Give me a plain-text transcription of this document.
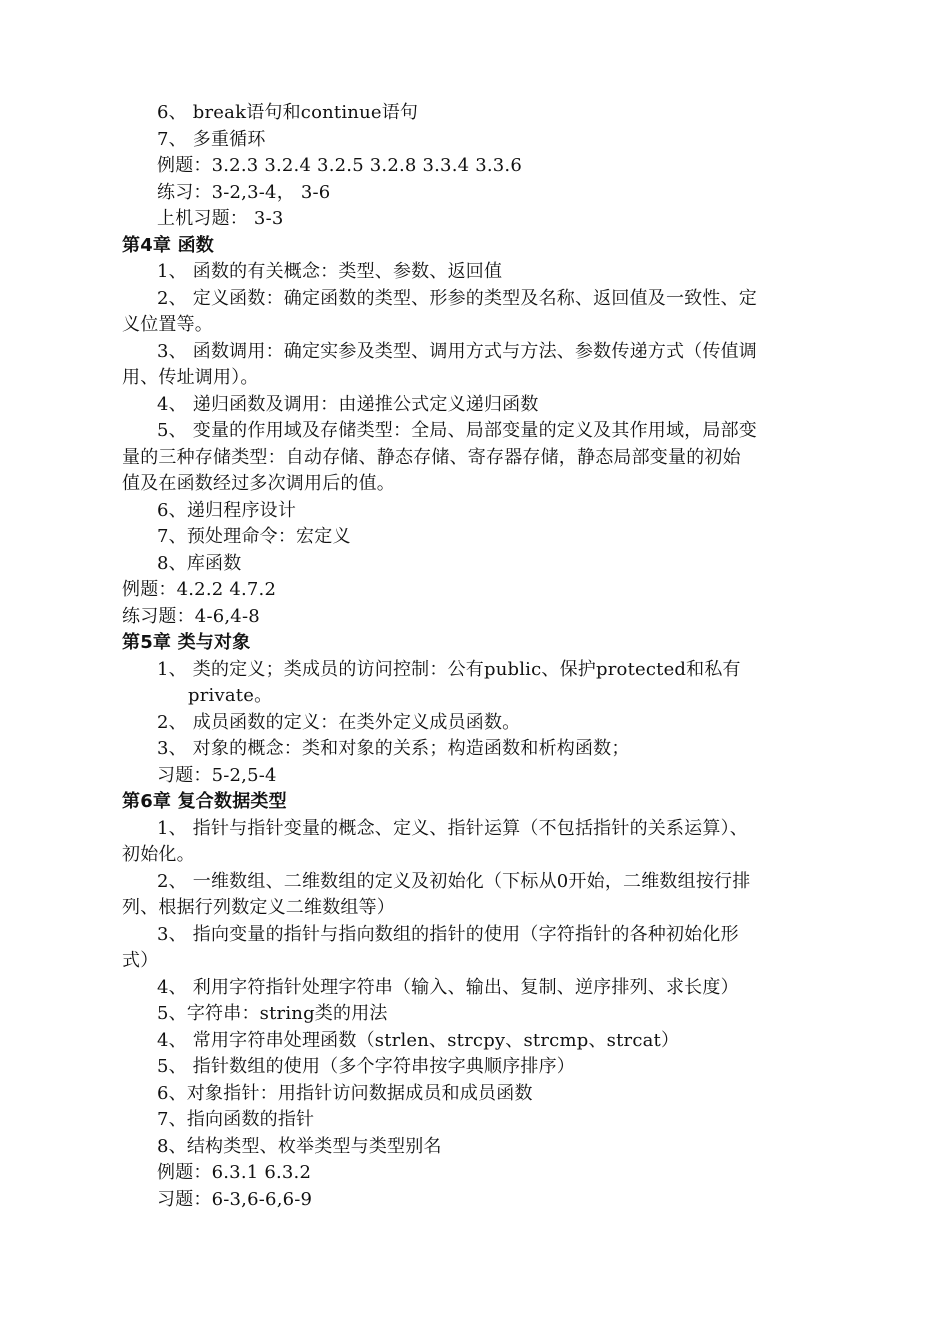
6、 break语句和continue语句
7、 多重循环
例题：3.2.3 3.2.4 3.2.5 3.2.8 3.3.4 3.3.6
练习：3-2,3-4， 3-6
上机习题： 3-3
第4章 函数
1、 函数的有关概念：类型、参数、返回值
2、 定义函数：确定函数的类型、形参的类型及名称、返回值及一致性、定
义位置等。
3、 函数调用：确定实参及类型、调用方式与方法、参数传递方式（传值调
用、传址调用）。
4、 递归函数及调用：由递推公式定义递归函数
5、 变量的作用域及存储类型：全局、局部变量的定义及其作用域，局部变
量的三种存储类型：自动存储、静态存储、寄存器存储，静态局部变量的初始
值及在函数经过多次调用后的值。
6、递归程序设计
7、预处理命令：宏定义
8、库函数
例题：4.2.2 4.7.2
练习题：4-6,4-8
第5章 类与对象
1、 类的定义；类成员的访问控制：公有public、保护protected和私有
private。
2、 成员函数的定义：在类外定义成员函数。
3、 对象的概念：类和对象的关系；构造函数和析构函数；
习题：5-2,5-4
第6章 复合数据类型
1、 指针与指针变量的概念、定义、指针运算（不包括指针的关系运算）、
初始化。
2、 一维数组、二维数组的定义及初始化（下标从0开始，二维数组按行排
列、根据行列数定义二维数组等）
3、 指向变量的指针与指向数组的指针的使用（字符指针的各种初始化形
式）
4、 利用字符指针处理字符串（输入、输出、复制、逆序排列、求长度）
5、字符串：string类的用法
4、 常用字符串处理函数（strlen、strcpy、strcmp、strcat）
5、 指针数组的使用（多个字符串按字典顺序排序）
6、对象指针：用指针访问数据成员和成员函数
7、指向函数的指针
8、结构类型、枚举类型与类型别名
例题：6.3.1 6.3.2
习题：6-3,6-6,6-9
